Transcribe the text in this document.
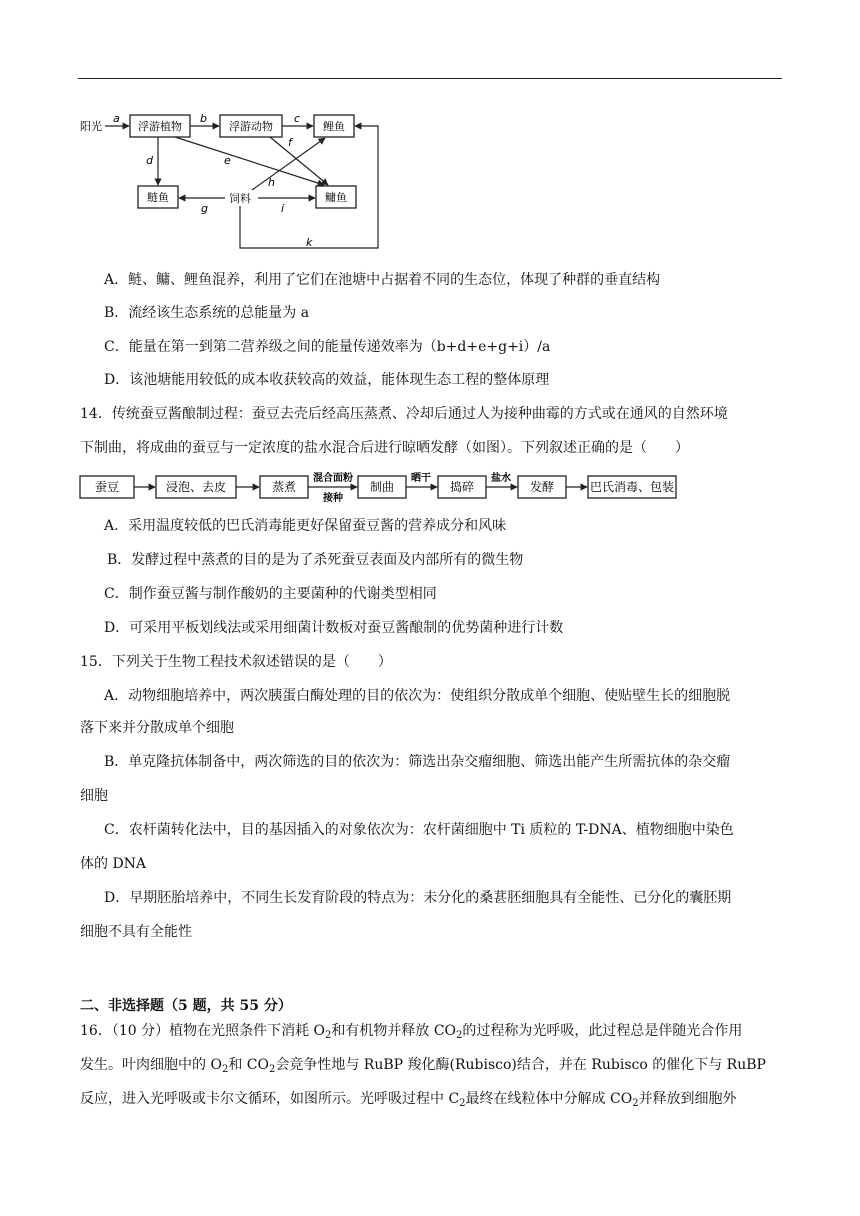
阳光	浮游植物	浮游动物	鲤鱼
鲢鱼	饲料	鳙鱼
a	b	c
d	e
f
h
g	i
k
A．鲢、鳙、鲤鱼混养，利用了它们在池塘中占据着不同的生态位，体现了种群的垂直结构
B．流经该生态系统的总能量为 a
C．能量在第一到第二营养级之间的能量传递效率为（b+d+e+g+i）/a
D．该池塘能用较低的成本收获较高的效益，能体现生态工程的整体原理
14．传统蚕豆酱酿制过程：蚕豆去壳后经高压蒸煮、冷却后通过人为接种曲霉的方式或在通风的自然环境
下制曲，将成曲的蚕豆与一定浓度的盐水混合后进行晾晒发酵（如图）。下列叙述正确的是（　　）
蚕豆	浸泡、去皮	蒸煮	制曲	捣碎	发酵	巴氏消毒、包装
混合面粉
接种
晒干	盐水
A．采用温度较低的巴氏消毒能更好保留蚕豆酱的营养成分和风味
B．发酵过程中蒸煮的目的是为了杀死蚕豆表面及内部所有的微生物
C．制作蚕豆酱与制作酸奶的主要菌种的代谢类型相同
D．可采用平板划线法或采用细菌计数板对蚕豆酱酿制的优势菌种进行计数
15．下列关于生物工程技术叙述错误的是（　　）
A．动物细胞培养中，两次胰蛋白酶处理的目的依次为：使组织分散成单个细胞、使贴壁生长的细胞脱
落下来并分散成单个细胞
B．单克隆抗体制备中，两次筛选的目的依次为：筛选出杂交瘤细胞、筛选出能产生所需抗体的杂交瘤
细胞
C．农杆菌转化法中，目的基因插入的对象依次为：农杆菌细胞中 Ti 质粒的 T-DNA、植物细胞中染色
体的 DNA
D．早期胚胎培养中，不同生长发育阶段的特点为：未分化的桑葚胚细胞具有全能性、已分化的囊胚期
细胞不具有全能性
二、非选择题（5 题，共 55 分）
16．（10 分）植物在光照条件下消耗 $O_2$和有机物并释放 $CO_2$的过程称为光呼吸，此过程总是伴随光合作用
发生。叶肉细胞中的 $O_2$和 $CO_2$会竞争性地与 RuBP 羧化酶(Rubisco)结合，并在 Rubisco 的催化下与 RuBP
反应，进入光呼吸或卡尔文循环，如图所示。光呼吸过程中 $C_2$最终在线粒体中分解成 $CO_2$并释放到细胞外
